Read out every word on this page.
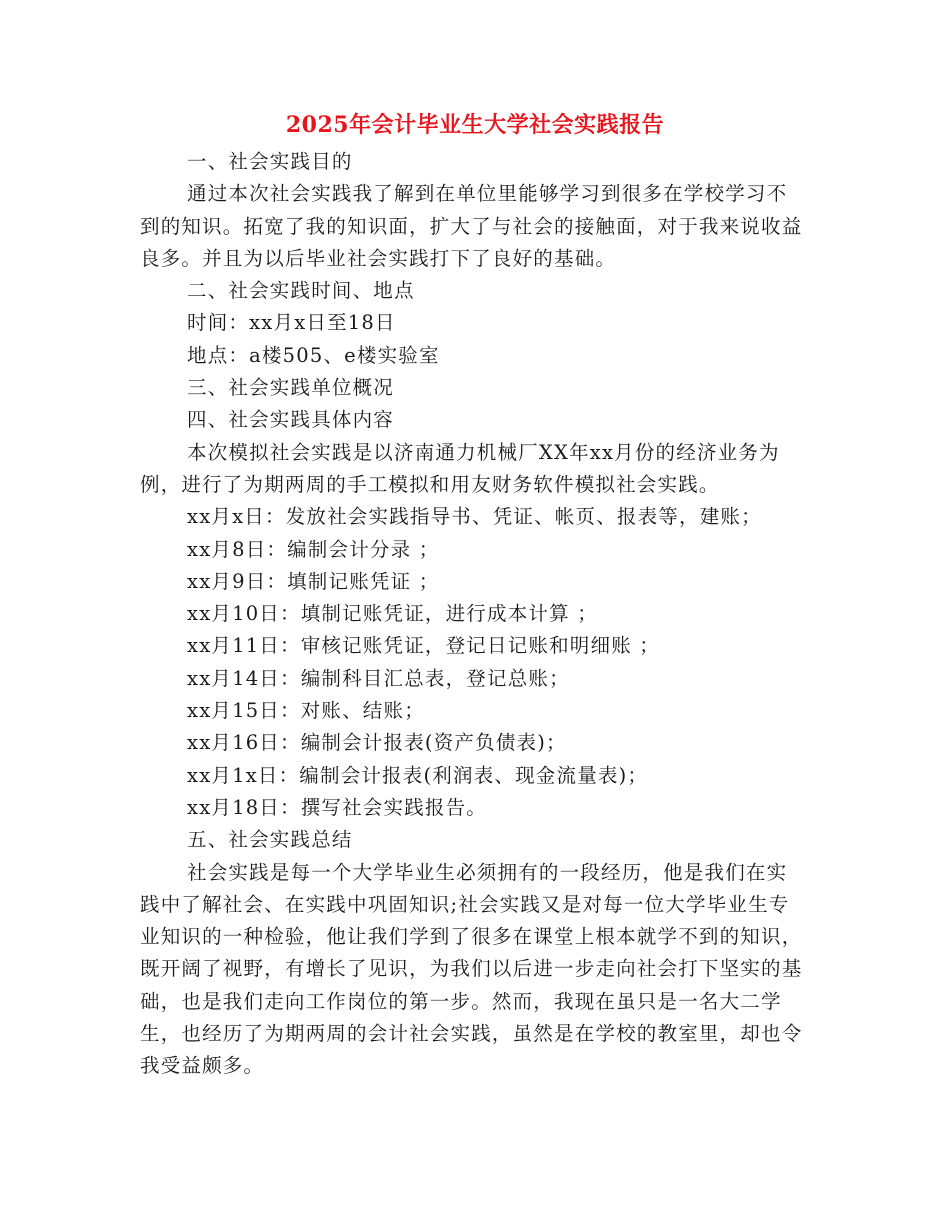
2025年会计毕业生大学社会实践报告

一、社会实践目的

通过本次社会实践我了解到在单位里能够学习到很多在学校学习不到的知识。拓宽了我的知识面，扩大了与社会的接触面，对于我来说收益良多。并且为以后毕业社会实践打下了良好的基础。

二、社会实践时间、地点

时间：xx月x日至18日

地点：a楼505、e楼实验室

三、社会实践单位概况

四、社会实践具体内容

本次模拟社会实践是以济南通力机械厂XX年xx月份的经济业务为例，进行了为期两周的手工模拟和用友财务软件模拟社会实践。

xx月x日：发放社会实践指导书、凭证、帐页、报表等，建账；

xx月8日：编制会计分录 ；

xx月9日：填制记账凭证 ；

xx月10日：填制记账凭证，进行成本计算 ；

xx月11日：审核记账凭证，登记日记账和明细账 ；

xx月14日：编制科目汇总表，登记总账；

xx月15日：对账、结账；

xx月16日：编制会计报表(资产负债表)；

xx月1x日：编制会计报表(利润表、现金流量表)；

xx月18日：撰写社会实践报告。

五、社会实践总结

社会实践是每一个大学毕业生必须拥有的一段经历，他是我们在实践中了解社会、在实践中巩固知识;社会实践又是对每一位大学毕业生专业知识的一种检验，他让我们学到了很多在课堂上根本就学不到的知识，既开阔了视野，有增长了见识，为我们以后进一步走向社会打下坚实的基础，也是我们走向工作岗位的第一步。然而，我现在虽只是一名大二学生，也经历了为期两周的会计社会实践，虽然是在学校的教室里，却也令我受益颇多。
